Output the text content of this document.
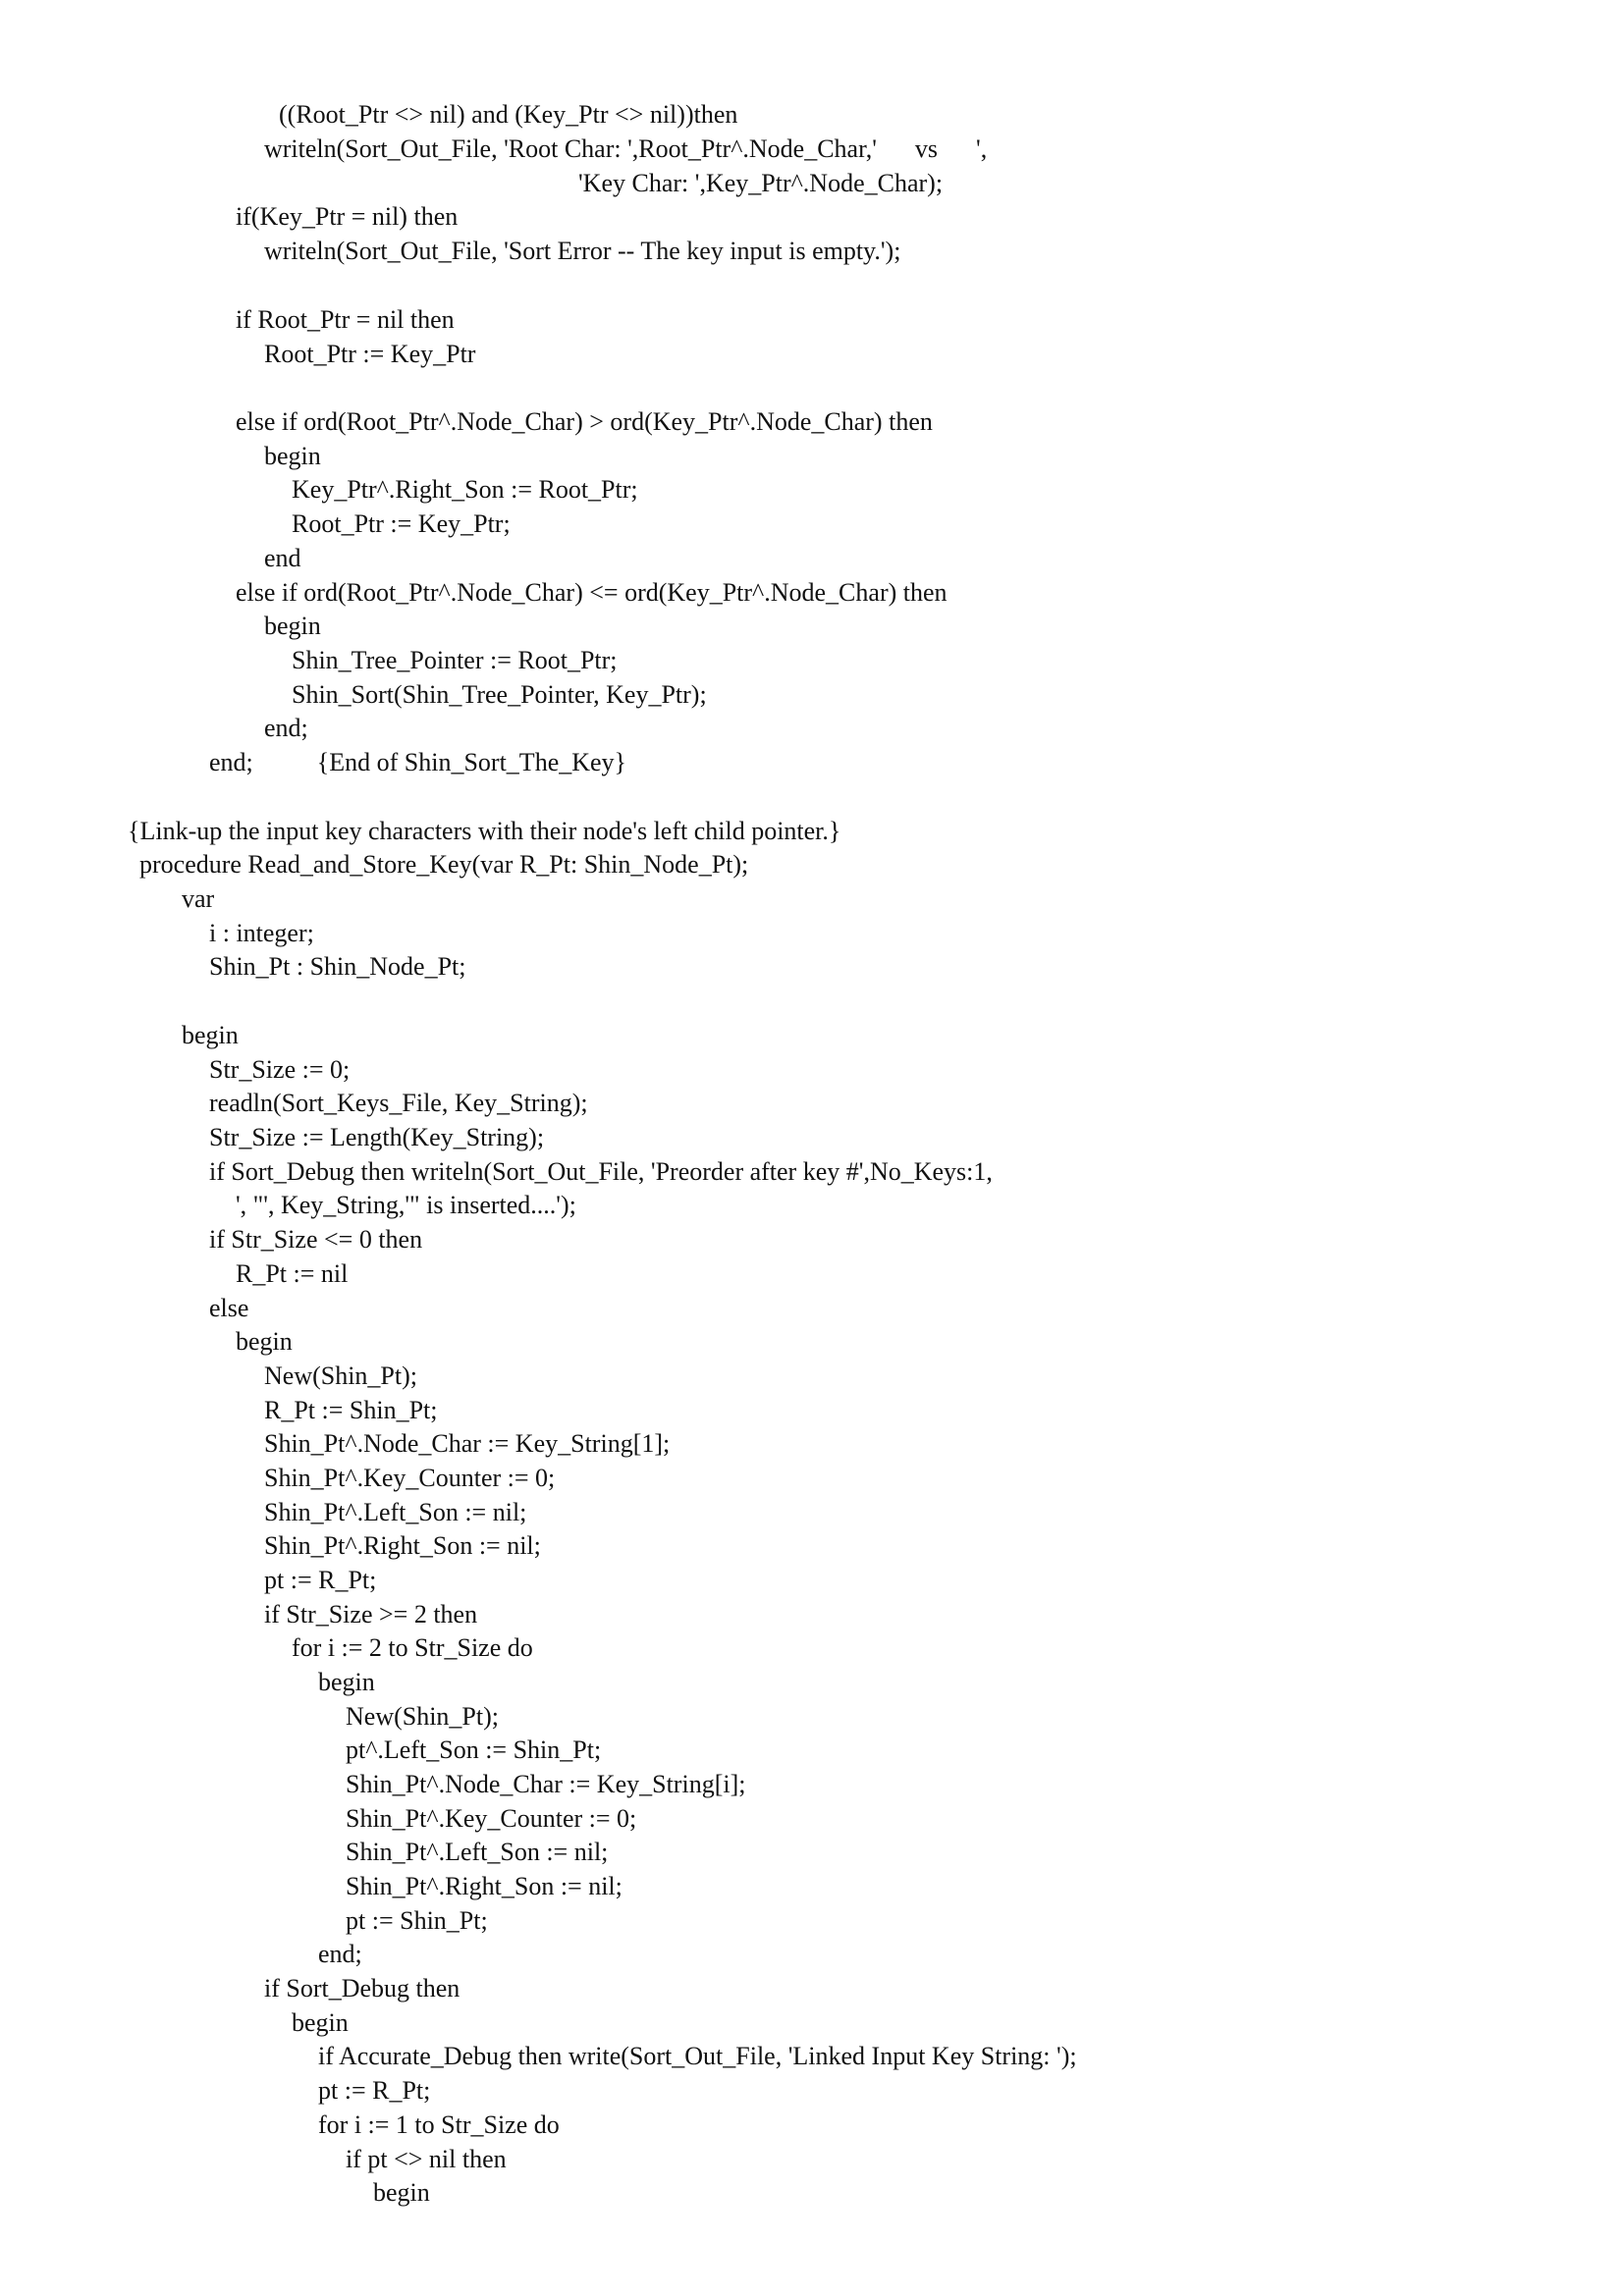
((Root_Ptr <> nil) and (Key_Ptr <> nil))then
writeln(Sort_Out_File, 'Root Char: ',Root_Ptr^.Node_Char,'      vs      ',
'Key Char: ',Key_Ptr^.Node_Char);
if(Key_Ptr = nil) then
writeln(Sort_Out_File, 'Sort Error -- The key input is empty.');
if Root_Ptr = nil then
Root_Ptr := Key_Ptr
else if ord(Root_Ptr^.Node_Char) > ord(Key_Ptr^.Node_Char) then
begin
Key_Ptr^.Right_Son := Root_Ptr;
Root_Ptr := Key_Ptr;
end
else if ord(Root_Ptr^.Node_Char) <= ord(Key_Ptr^.Node_Char) then
begin
Shin_Tree_Pointer := Root_Ptr;
Shin_Sort(Shin_Tree_Pointer, Key_Ptr);
end;
end;          {End of Shin_Sort_The_Key}
{Link-up the input key characters with their node's left child pointer.}
procedure Read_and_Store_Key(var R_Pt: Shin_Node_Pt);
var
i : integer;
Shin_Pt : Shin_Node_Pt;
begin
Str_Size := 0;
readln(Sort_Keys_File, Key_String);
Str_Size := Length(Key_String);
if Sort_Debug then writeln(Sort_Out_File, 'Preorder after key #',No_Keys:1,
', "', Key_String,'" is inserted....');
if Str_Size <= 0 then
R_Pt := nil
else
begin
New(Shin_Pt);
R_Pt := Shin_Pt;
Shin_Pt^.Node_Char := Key_String[1];
Shin_Pt^.Key_Counter := 0;
Shin_Pt^.Left_Son := nil;
Shin_Pt^.Right_Son := nil;
pt := R_Pt;
if Str_Size >= 2 then
for i := 2 to Str_Size do
begin
New(Shin_Pt);
pt^.Left_Son := Shin_Pt;
Shin_Pt^.Node_Char := Key_String[i];
Shin_Pt^.Key_Counter := 0;
Shin_Pt^.Left_Son := nil;
Shin_Pt^.Right_Son := nil;
pt := Shin_Pt;
end;
if Sort_Debug then
begin
if Accurate_Debug then write(Sort_Out_File, 'Linked Input Key String: ');
pt := R_Pt;
for i := 1 to Str_Size do
if pt <> nil then
begin
